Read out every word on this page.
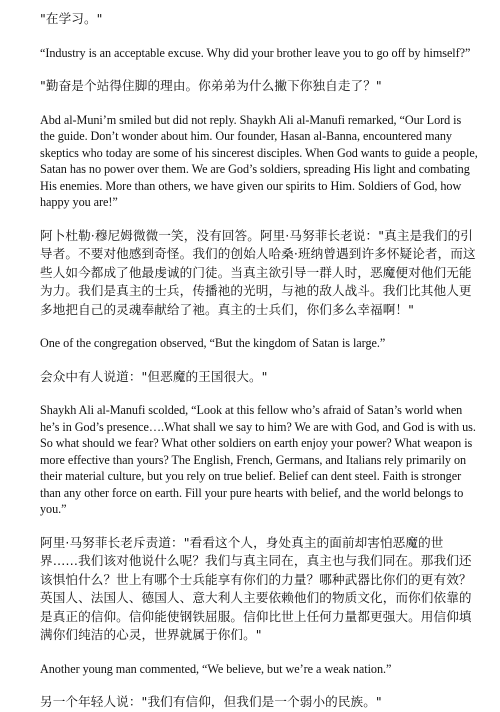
"在学习。"

“Industry is an acceptable excuse. Why did your brother leave you to go off by himself?”

"勤奋是个站得住脚的理由。你弟弟为什么撇下你独自走了？"

Abd al-Muni’m smiled but did not reply. Shaykh Ali al-Manufi remarked, “Our Lord is the guide. Don’t wonder about him. Our founder, Hasan al-Banna, encountered many skeptics who today are some of his sincerest disciples. When God wants to guide a people, Satan has no power over them. We are God’s soldiers, spreading His light and combating His enemies. More than others, we have given our spirits to Him. Soldiers of God, how happy you are!”

阿卜杜勒·穆尼姆微微一笑，没有回答。阿里·马努菲长老说："真主是我们的引导者。不要对他感到奇怪。我们的创始人哈桑·班纳曾遇到许多怀疑论者，而这些人如今都成了他最虔诚的门徒。当真主欲引导一群人时，恶魔便对他们无能为力。我们是真主的士兵，传播祂的光明，与祂的敌人战斗。我们比其他人更多地把自己的灵魂奉献给了祂。真主的士兵们，你们多么幸福啊！"

One of the congregation observed, “But the kingdom of Satan is large.”

会众中有人说道："但恶魔的王国很大。"

Shaykh Ali al-Manufi scolded, “Look at this fellow who’s afraid of Satan’s world when he’s in God’s presence….What shall we say to him? We are with God, and God is with us. So what should we fear? What other soldiers on earth enjoy your power? What weapon is more effective than yours? The English, French, Germans, and Italians rely primarily on their material culture, but you rely on true belief. Belief can dent steel. Faith is stronger than any other force on earth. Fill your pure hearts with belief, and the world belongs to you.”

阿里·马努菲长老斥责道："看看这个人，身处真主的面前却害怕恶魔的世界……我们该对他说什么呢？我们与真主同在，真主也与我们同在。那我们还该惧怕什么？世上有哪个士兵能享有你们的力量？哪种武器比你们的更有效？英国人、法国人、德国人、意大利人主要依赖他们的物质文化，而你们依靠的是真正的信仰。信仰能使钢铁屈服。信仰比世上任何力量都更强大。用信仰填满你们纯洁的心灵，世界就属于你们。"

Another young man commented, “We believe, but we’re a weak nation.”

另一个年轻人说："我们有信仰，但我们是一个弱小的民族。"
